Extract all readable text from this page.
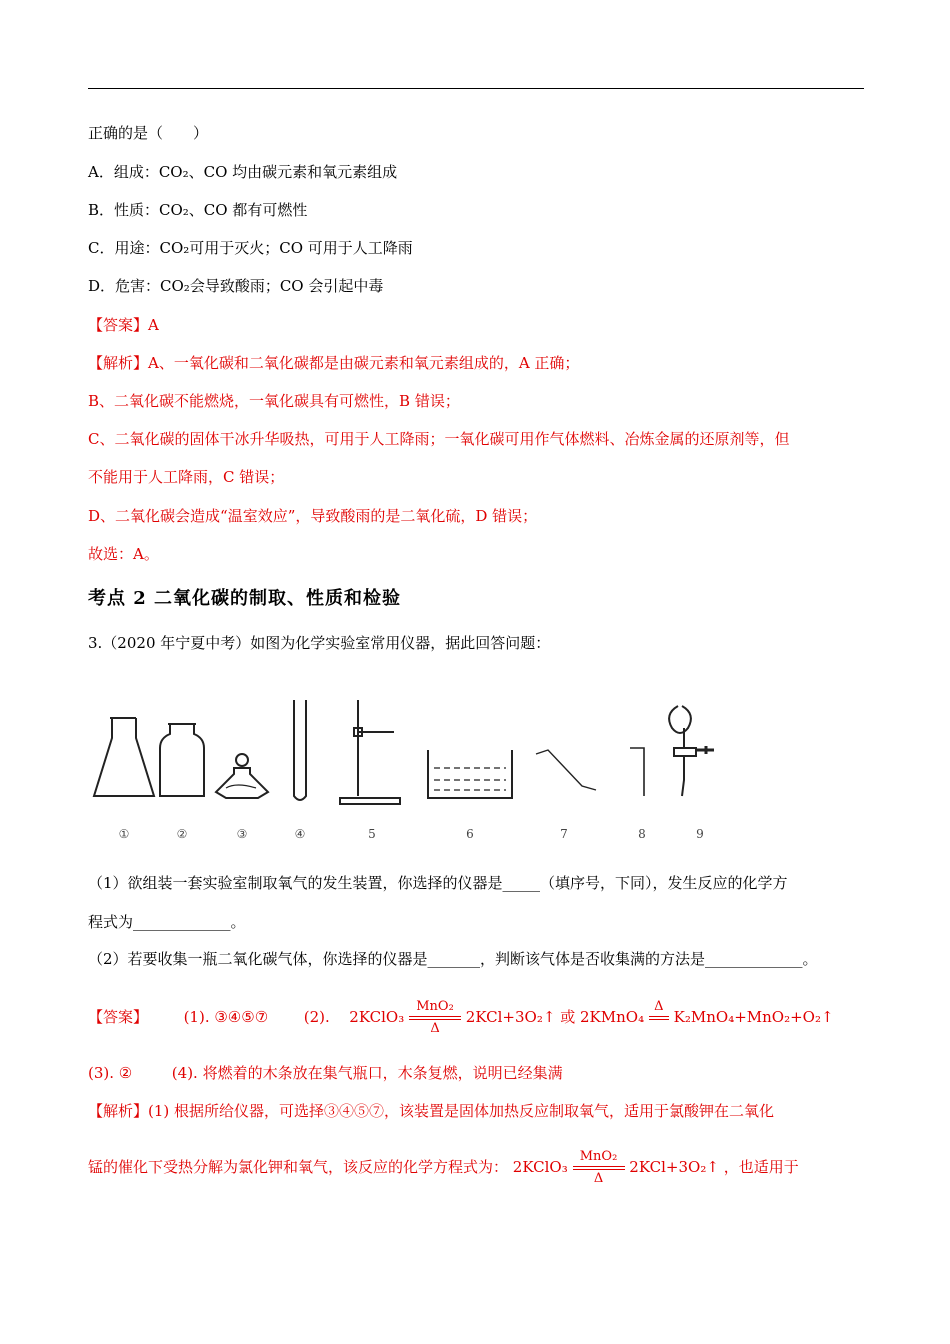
正确的是（　　）
A．组成：CO₂、CO 均由碳元素和氧元素组成
B．性质：CO₂、CO 都有可燃性
C．用途：CO₂可用于灭火；CO 可用于人工降雨
D．危害：CO₂会导致酸雨；CO 会引起中毒
【答案】A
【解析】A、一氧化碳和二氧化碳都是由碳元素和氧元素组成的，A 正确；
B、二氧化碳不能燃烧，一氧化碳具有可燃性，B 错误；
C、二氧化碳的固体干冰升华吸热，可用于人工降雨；一氧化碳可用作气体燃料、冶炼金属的还原剂等，但
不能用于人工降雨，C 错误；
D、二氧化碳会造成“温室效应”，导致酸雨的是二氧化硫，D 错误；
故选：A。
考点 2 二氧化碳的制取、性质和检验
3.（2020 年宁夏中考）如图为化学实验室常用仪器，据此回答问题：
①	②	③	④	5	6	7	8	9
（1）欲组装一套实验室制取氧气的发生装置，你选择的仪器是_____（填序号，下同），发生反应的化学方
程式为_____________。
（2）若要收集一瓶二氧化碳气体，你选择的仪器是_______，判断该气体是否收集满的方法是_____________。
【答案】 (1). ③④⑤⑦ (2). 2KClO₃
MnO₂
Δ
2KCl+3O₂↑ 或 2KMnO₄
Δ

K₂MnO₄+MnO₂+O₂↑
(3). ②	(4). 将燃着的木条放在集气瓶口，木条复燃，说明已经集满
【解析】(1) 根据所给仪器，可选择③④⑤⑦，该装置是固体加热反应制取氧气，适用于氯酸钾在二氧化
锰的催化下受热分解为氯化钾和氧气，该反应的化学方程式为： 2KClO₃
MnO₂
Δ
2KCl+3O₂↑ ，也适用于
